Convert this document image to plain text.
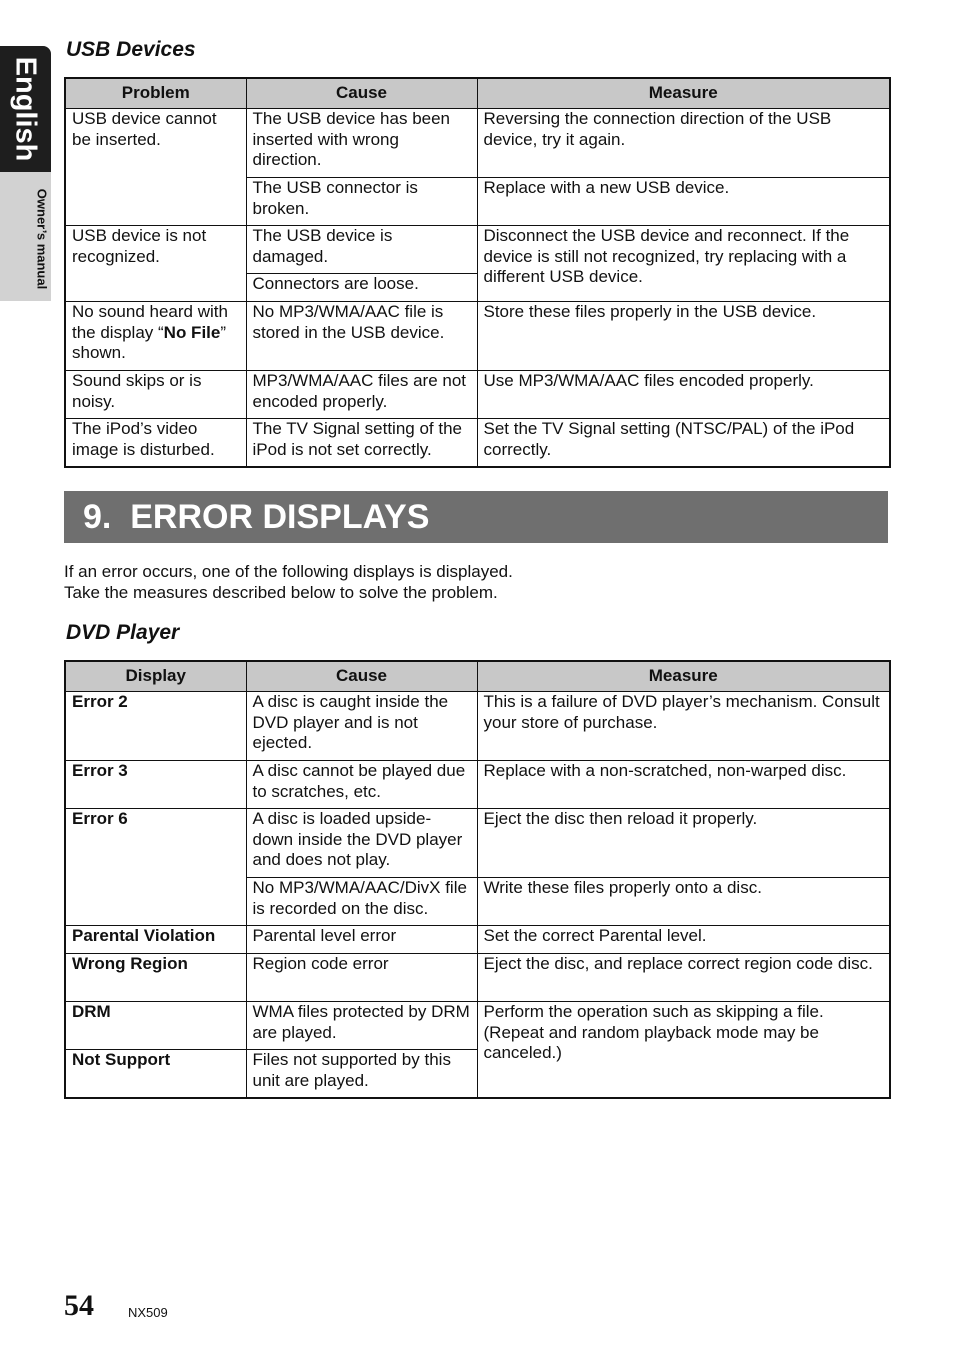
English
Owner’s manual
USB Devices
Problem	Cause	Measure
USB device cannot be inserted.	The USB device has been inserted with wrong direction.	Reversing the connection direction of the USB device, try it again.
	The USB connector is broken.	Replace with a new USB device.
USB device is not recognized.	The USB device is damaged.	Disconnect the USB device and reconnect. If the device is still not recognized, try replacing with a different USB device.
	Connectors are loose.	
No sound heard with the display “No File” shown.	No MP3/WMA/AAC file is stored in the USB device.	Store these files properly in the USB device.
Sound skips or is noisy.	MP3/WMA/AAC files are not encoded properly.	Use MP3/WMA/AAC files encoded properly.
The iPod’s video image is disturbed.	The TV Signal setting of the iPod is not set correctly.	Set the TV Signal setting (NTSC/PAL) of the iPod correctly.
9.  ERROR DISPLAYS

If an error occurs, one of the following displays is displayed.
Take the measures described below to solve the problem.

DVD Player
Display	Cause	Measure
Error 2	A disc is caught inside the DVD player and is not ejected.	This is a failure of DVD player’s mechanism. Consult your store of purchase.
Error 3	A disc cannot be played due to scratches, etc.	Replace with a non-scratched, non-warped disc.
Error 6	A disc is loaded upside-down inside the DVD player and does not play.	Eject the disc then reload it properly.
	No MP3/WMA/AAC/DivX file is recorded on the disc.	Write these files properly onto a disc.
Parental Violation	Parental level error	Set the correct Parental level.
Wrong Region	Region code error	Eject the disc, and replace correct region code disc.
DRM	WMA files protected by DRM are played.	Perform the operation such as skipping a file. (Repeat and random playback mode may be canceled.)
Not Support	Files not supported by this unit are played.	
54	NX509
